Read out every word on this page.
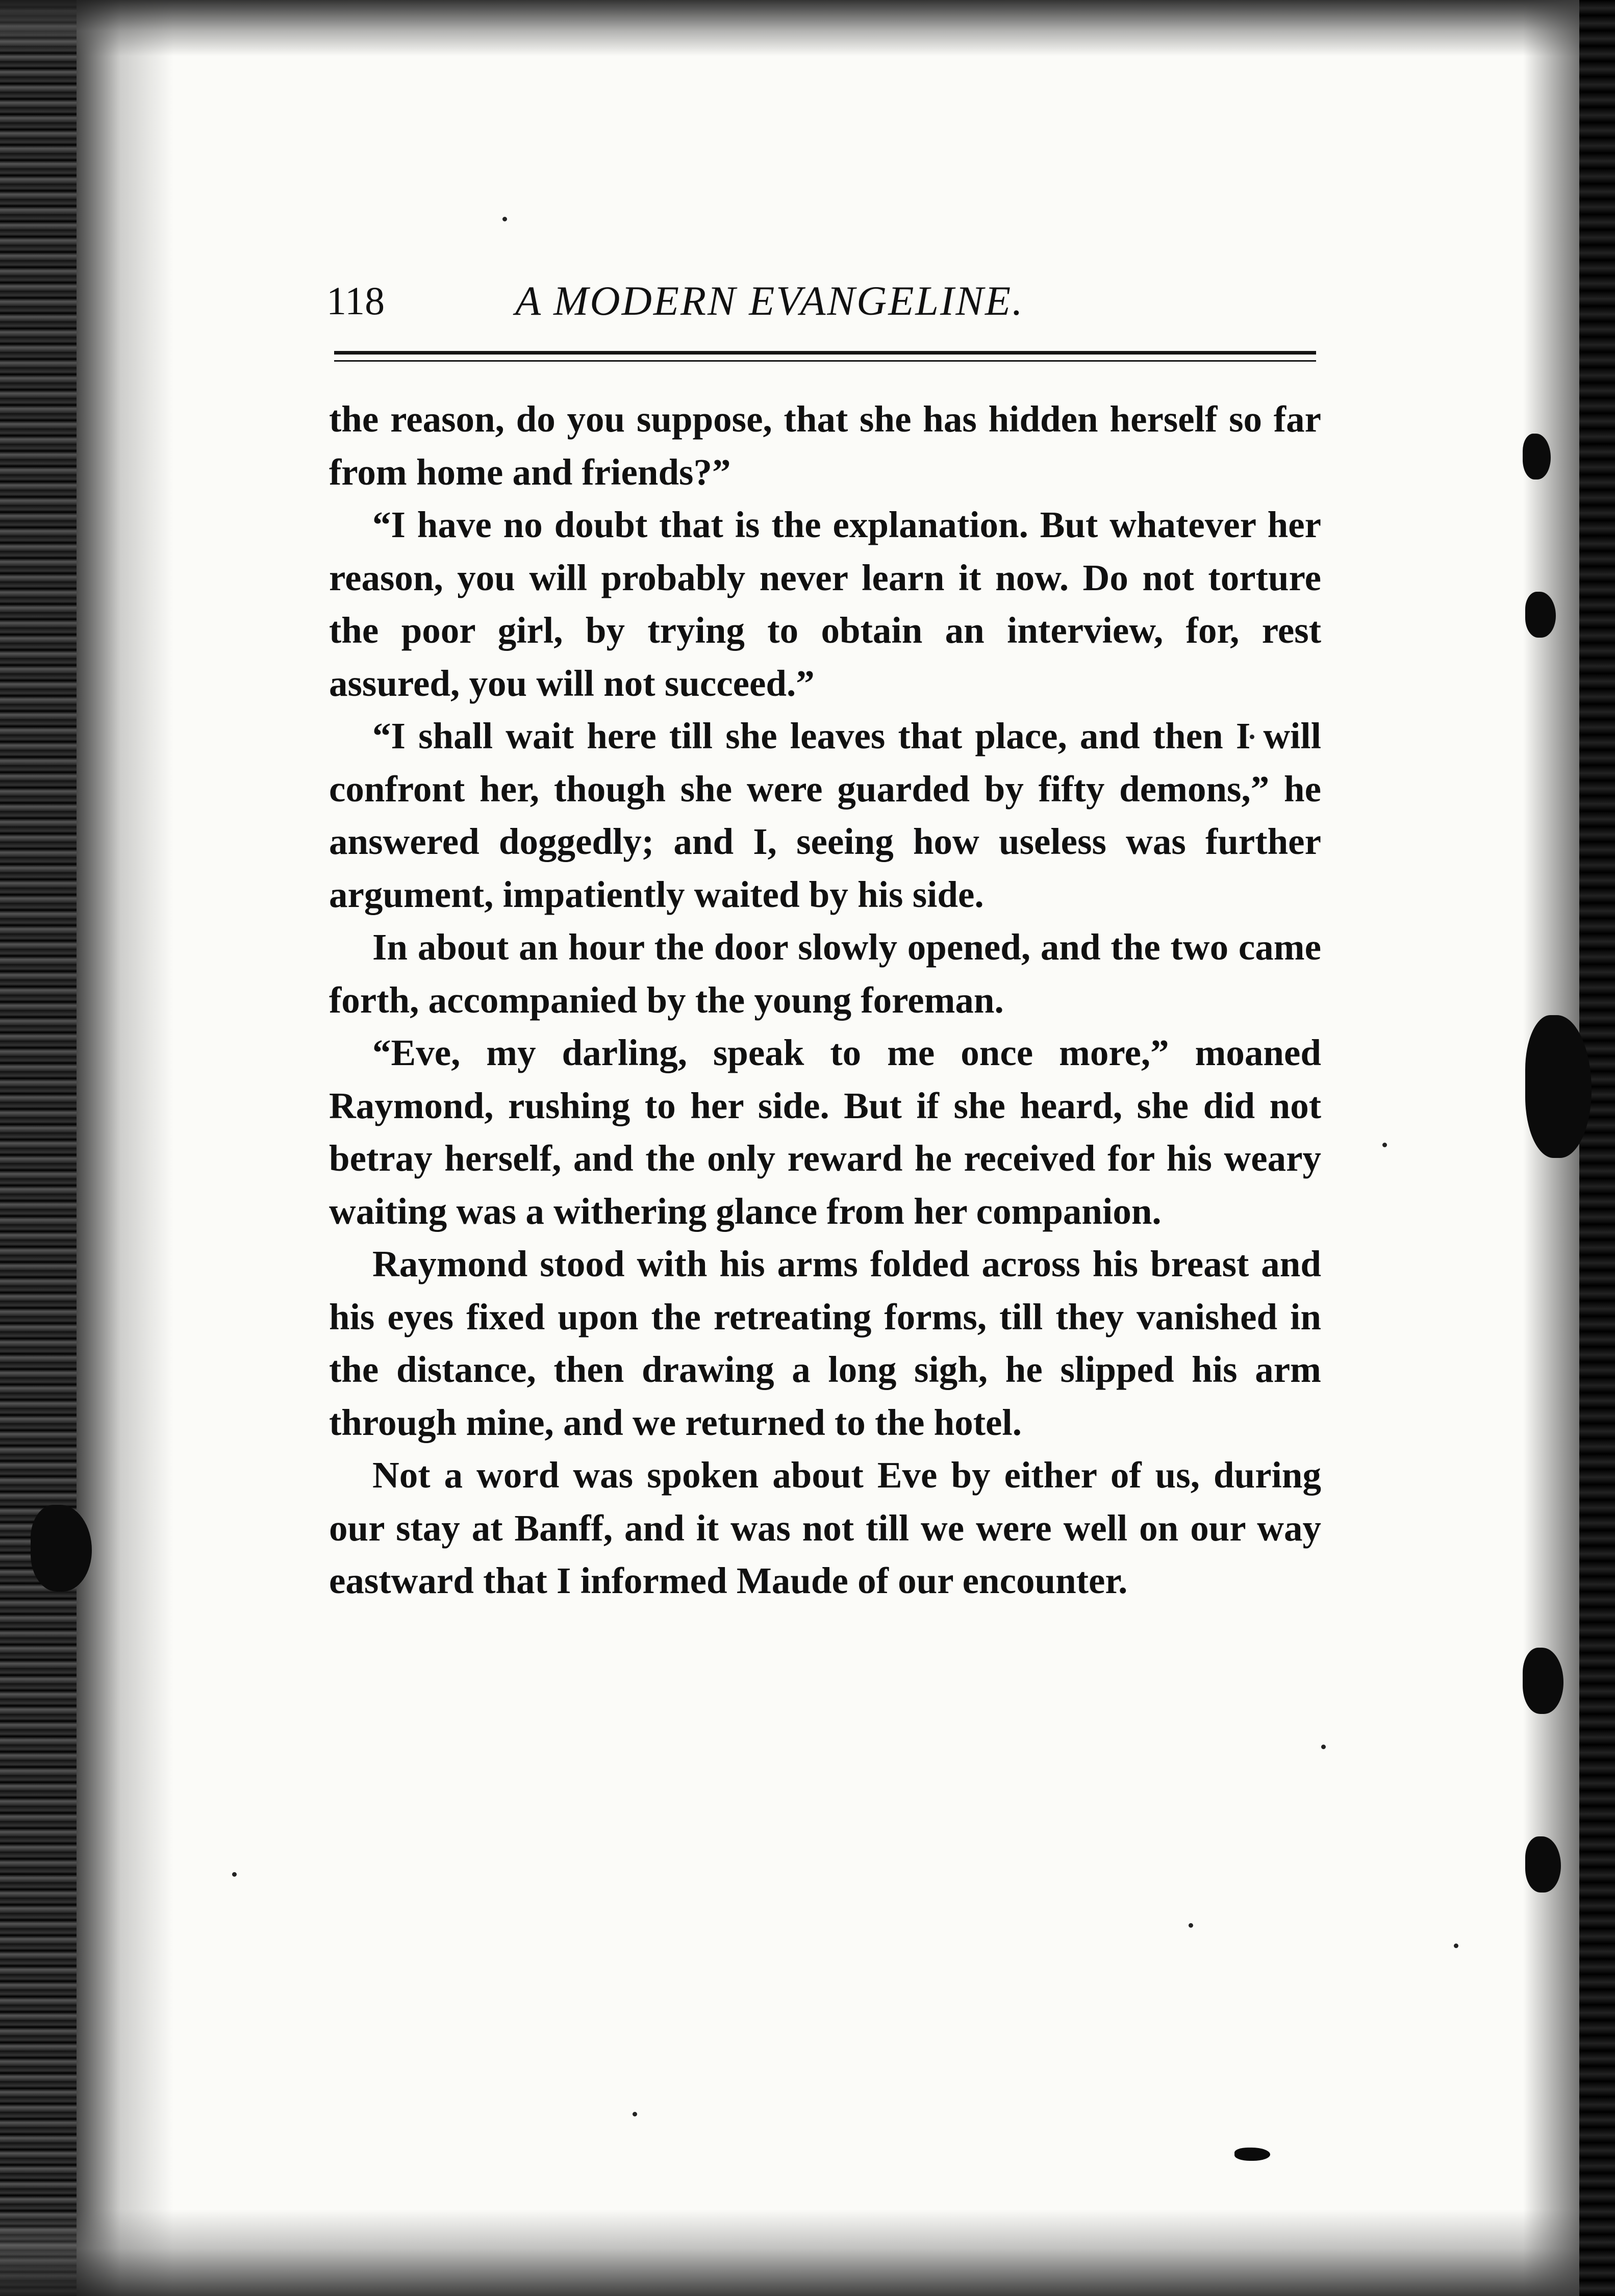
118	A MODERN EVANGELINE.

the reason, do you suppose, that she has hidden herself so far from home and friends?”

“I have no doubt that is the explanation. But whatever her reason, you will probably never learn it now. Do not torture the poor girl, by trying to obtain an interview, for, rest assured, you will not succeed.”

“I shall wait here till she leaves that place, and then I will confront her, though she were guarded by fifty demons,” he answered doggedly; and I, seeing how useless was further argument, impatiently waited by his side.

In about an hour the door slowly opened, and the two came forth, accompanied by the young foreman.

“Eve, my darling, speak to me once more,” moaned Raymond, rushing to her side. But if she heard, she did not betray herself, and the only reward he received for his weary waiting was a withering glance from her companion.

Raymond stood with his arms folded across his breast and his eyes fixed upon the retreating forms, till they vanished in the distance, then drawing a long sigh, he slipped his arm through mine, and we returned to the hotel.

Not a word was spoken about Eve by either of us, during our stay at Banff, and it was not till we were well on our way eastward that I informed Maude of our encounter.
